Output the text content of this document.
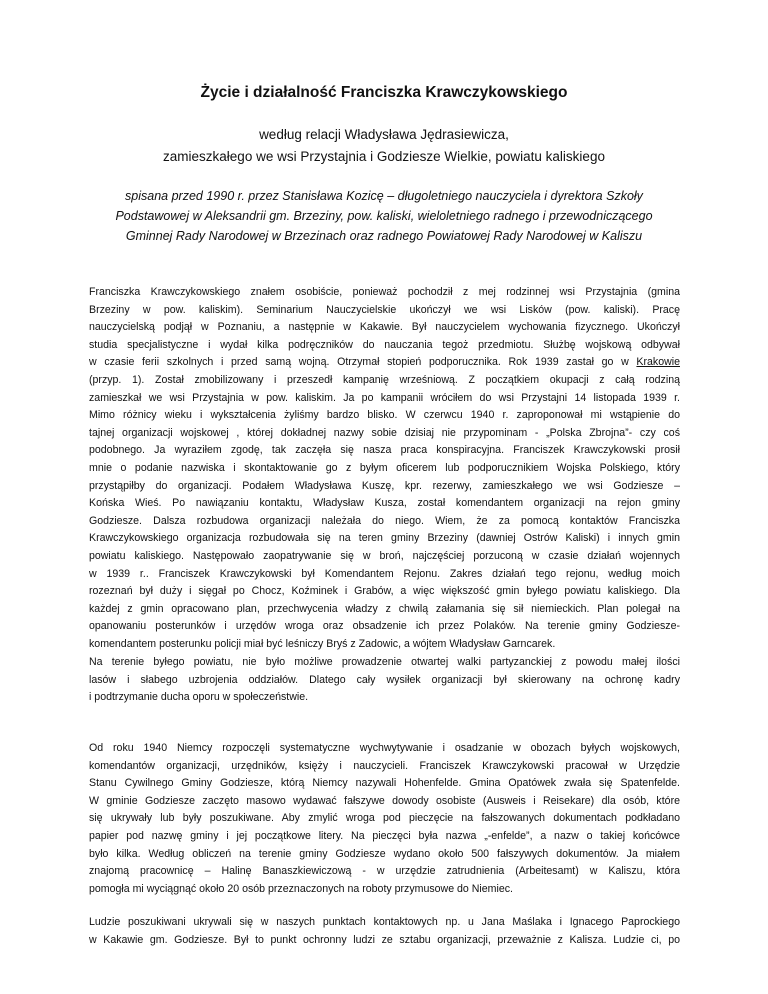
Życie i działalność Franciszka Krawczykowskiego

według relacji Władysława Jędrasiewicza,
zamieszkałego we wsi Przystajnia i Godziesze Wielkie, powiatu kaliskiego

spisana przed 1990 r. przez Stanisława Kozicę – długoletniego nauczyciela i dyrektora Szkoły
Podstawowej w Aleksandrii gm. Brzeziny, pow. kaliski, wieloletniego radnego i przewodniczącego
Gminnej Rady Narodowej w Brzezinach oraz radnego Powiatowej Rady Narodowej w Kaliszu

Franciszka Krawczykowskiego znałem osobiście, ponieważ pochodził z mej rodzinnej wsi Przystajnia (gmina
Brzeziny w pow. kaliskim). Seminarium Nauczycielskie ukończył we wsi Lisków (pow. kaliski). Pracę
nauczycielską podjął w Poznaniu, a następnie w Kakawie. Był nauczycielem wychowania fizycznego. Ukończył
studia specjalistyczne i wydał kilka podręczników do nauczania tegoż przedmiotu. Służbę wojskową odbywał
w czasie ferii szkolnych i przed samą wojną. Otrzymał stopień podporucznika. Rok 1939 zastał go w Krakowie
(przyp. 1). Został zmobilizowany i przeszedł kampanię wrześniową. Z początkiem okupacji z całą rodziną
zamieszkał we wsi Przystajnia w pow. kaliskim. Ja po kampanii wróciłem do wsi Przystajni 14 listopada 1939 r.
Mimo różnicy wieku i wykształcenia żyliśmy bardzo blisko. W czerwcu 1940 r. zaproponował mi wstąpienie do
tajnej organizacji wojskowej , której dokładnej nazwy sobie dzisiaj nie przypominam - „Polska Zbrojna”- czy coś
podobnego. Ja wyraziłem zgodę, tak zaczęła się nasza praca konspiracyjna. Franciszek Krawczykowski prosił
mnie o podanie nazwiska i skontaktowanie go z byłym oficerem lub podporucznikiem Wojska Polskiego, który
przystąpiłby do organizacji. Podałem Władysława Kuszę, kpr. rezerwy, zamieszkałego we wsi Godziesze –
Końska Wieś. Po nawiązaniu kontaktu, Władysław Kusza, został komendantem organizacji na rejon gminy
Godziesze. Dalsza rozbudowa organizacji należała do niego. Wiem, że za pomocą kontaktów Franciszka
Krawczykowskiego organizacja rozbudowała się na teren gminy Brzeziny (dawniej Ostrów Kaliski) i innych gmin
powiatu kaliskiego. Następowało zaopatrywanie się w broń, najczęściej porzuconą w czasie działań wojennych
w 1939 r.. Franciszek Krawczykowski był Komendantem Rejonu. Zakres działań tego rejonu, według moich
rozeznań był duży i sięgał po Chocz, Koźminek i Grabów, a więc większość gmin byłego powiatu kaliskiego. Dla
każdej z gmin opracowano plan, przechwycenia władzy z chwilą załamania się sił niemieckich. Plan polegał na
opanowaniu posterunków i urzędów wroga oraz obsadzenie ich przez Polaków. Na terenie gminy Godziesze-
komendantem posterunku policji miał być leśniczy Bryś z Zadowic, a wójtem Władysław Garncarek.
Na terenie byłego powiatu, nie było możliwe prowadzenie otwartej walki partyzanckiej z powodu małej ilości
lasów i słabego uzbrojenia oddziałów. Dlatego cały wysiłek organizacji był skierowany na ochronę kadry
i podtrzymanie ducha oporu w społeczeństwie.
Od roku 1940 Niemcy rozpoczęli systematyczne wychwytywanie i osadzanie w obozach byłych wojskowych,
komendantów organizacji, urzędników, księży i nauczycieli. Franciszek Krawczykowski pracował w Urzędzie
Stanu Cywilnego Gminy Godziesze, którą Niemcy nazywali Hohenfelde. Gmina Opatówek zwała się Spatenfelde.
W gminie Godziesze zaczęto masowo wydawać fałszywe dowody osobiste (Ausweis i Reisekare) dla osób, które
się ukrywały lub były poszukiwane. Aby zmylić wroga pod pieczęcie na fałszowanych dokumentach podkładano
papier pod nazwę gminy i jej początkowe litery. Na pieczęci była nazwa „-enfelde”, a nazw o takiej końcówce
było kilka. Według obliczeń na terenie gminy Godziesze wydano około 500 fałszywych dokumentów. Ja miałem
znajomą pracownicę – Halinę Banaszkiewiczową - w urzędzie zatrudnienia (Arbeitesamt) w Kaliszu, która
pomogła mi wyciągnąć około 20 osób przeznaczonych na roboty przymusowe do Niemiec.
Ludzie poszukiwani ukrywali się w naszych punktach kontaktowych np. u Jana Maślaka i Ignacego Paprockiego
w Kakawie gm. Godziesze. Był to punkt ochronny ludzi ze sztabu organizacji, przeważnie z Kalisza. Ludzie ci, po
